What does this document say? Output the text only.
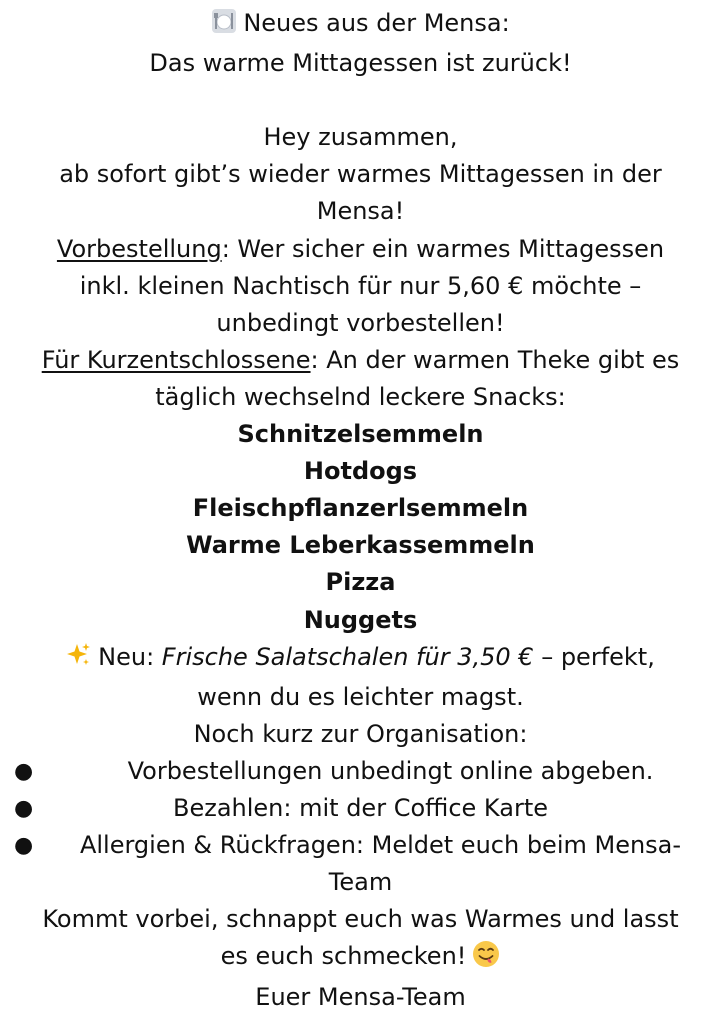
Neues aus der Mensa:
Das warme Mittagessen ist zurück!
Hey zusammen,
ab sofort gibt’s wieder warmes Mittagessen in der
Mensa!
Vorbestellung: Wer sicher ein warmes Mittagessen
inkl. kleinen Nachtisch für nur 5,60 € möchte –
unbedingt vorbestellen!
Für Kurzentschlossene: An der warmen Theke gibt es
täglich wechselnd leckere Snacks:
Schnitzelsemmeln
Hotdogs
Fleischpflanzerlsemmeln
Warme Leberkassemmeln
Pizza
Nuggets
Neu: Frische Salatschalen für 3,50 € – perfekt,
wenn du es leichter magst.
Noch kurz zur Organisation:
●	Vorbestellungen unbedingt online abgeben.
●	Bezahlen: mit der Coffice Karte
●	Allergien & Rückfragen: Meldet euch beim Mensa-
Team
Kommt vorbei, schnappt euch was Warmes und lasst
es euch schmecken!
Euer Mensa-Team
